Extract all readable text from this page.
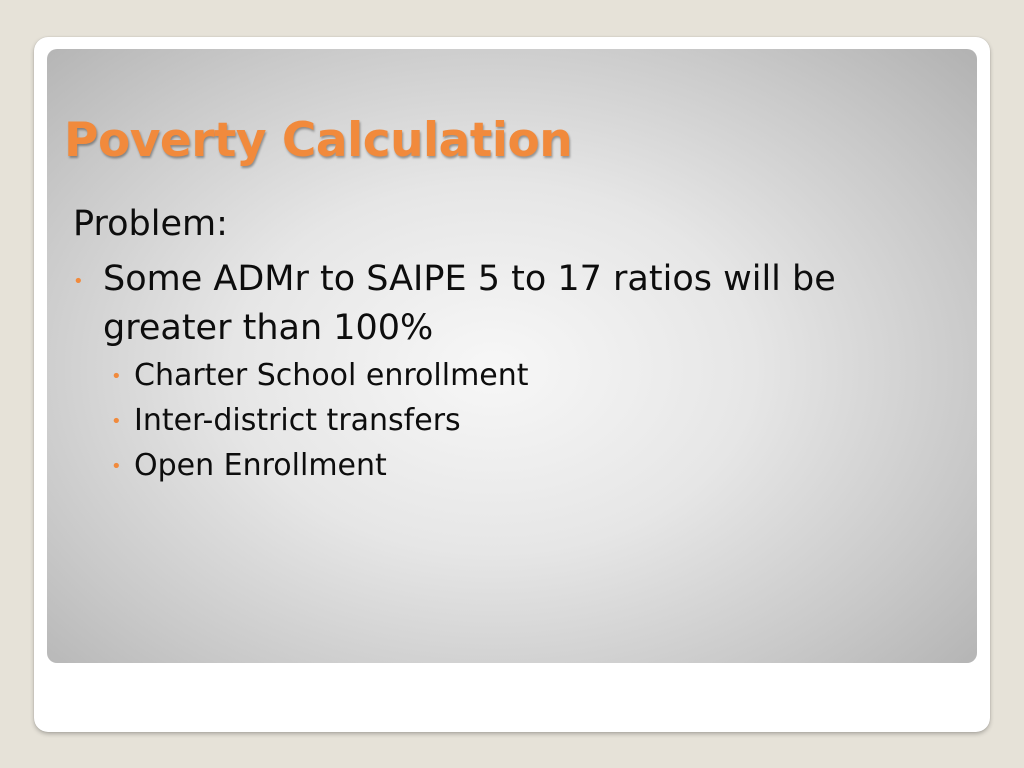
Poverty Calculation

Problem:

• Some ADMr to SAIPE 5 to 17 ratios will be greater than 100%
• Charter School enrollment
• Inter-district transfers
• Open Enrollment
